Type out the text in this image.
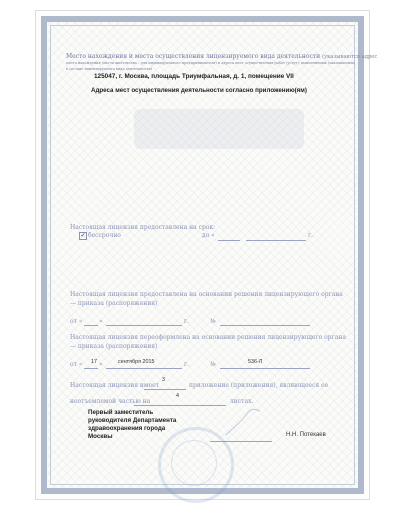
Место нахождения и места осуществления лицензируемого вида деятельности (указываются адрес

места нахождения (места жительства – для индивидуального предпринимателя) и адреса мест осуществления работ (услуг), выполняемых (оказываемых)

в составе лицензируемого вида деятельности)

125047, г. Москва, площадь Триумфальная, д. 1, помещение VII

Адреса мест осуществления деятельности согласно приложению(ям)

Настоящая лицензия предоставлена на срок:

✓ бессрочно	до «	г.

Настоящая лицензия предоставлена на основании решения лицензирующего органа

— приказа (распоряжения)

от «	»	г.	№

Настоящая лицензия переоформлена на основании решения лицензирующего органа

— приказа (распоряжения)

от « 17 »	сентября 2015	г.	№	536-Л

Настоящая лицензия имеет

3

приложение (приложения), являющееся ее

неотъемлемой частью на

4

листах.

Первый заместитель

руководителя Департамента

здравоохранения города

Москвы	Н.Н. Потекаев
